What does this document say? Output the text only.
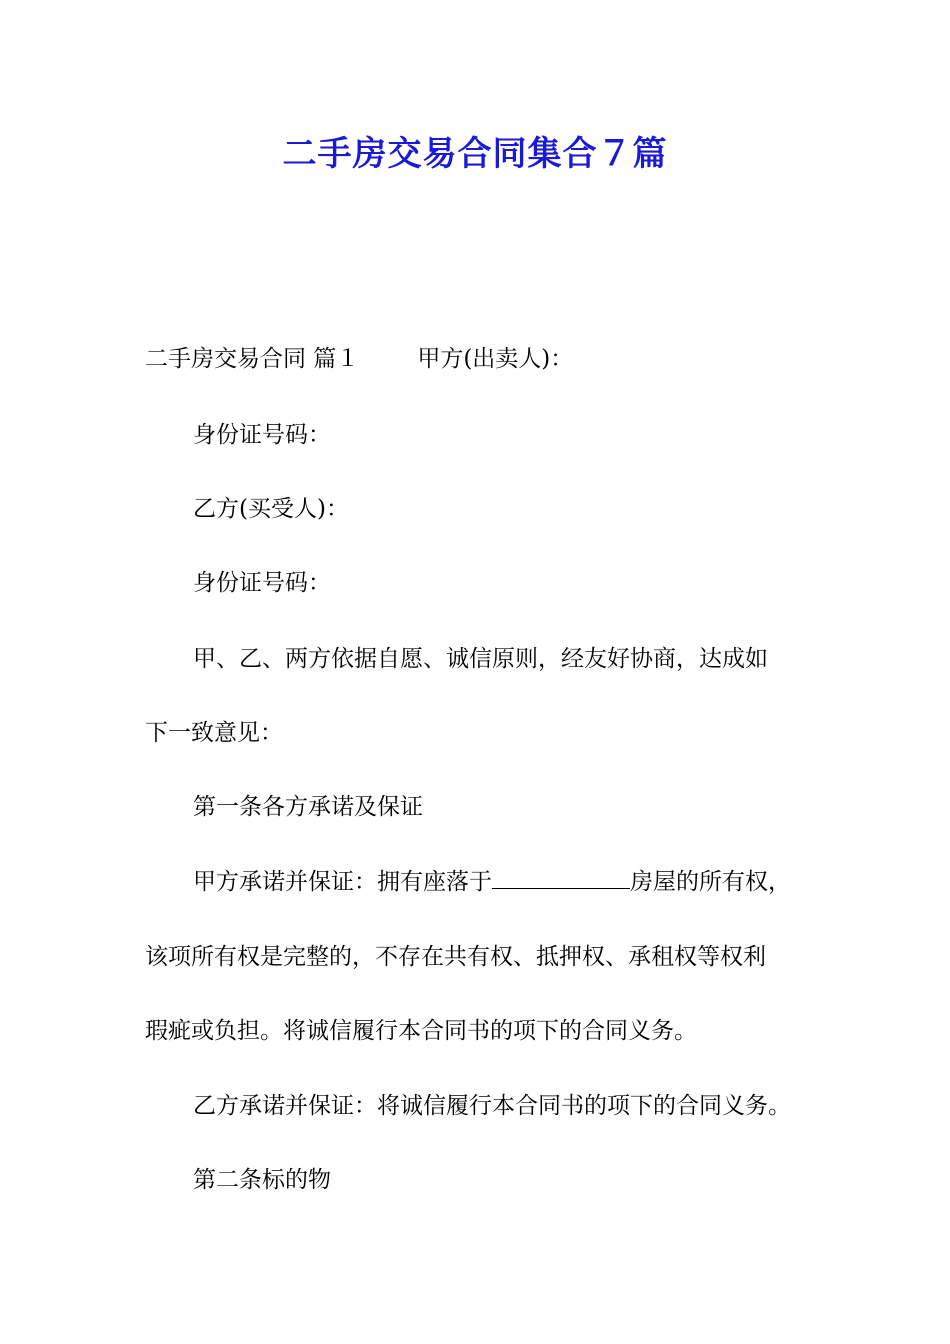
二手房交易合同集合７篇

二手房交易合同 篇１	甲方(出卖人)：

身份证号码：

乙方(买受人)：

身份证号码：

甲、乙、两方依据自愿、诚信原则，经友好协商，达成如

下一致意见：

第一条各方承诺及保证

甲方承诺并保证：拥有座落于	房屋的所有权，

该项所有权是完整的，不存在共有权、抵押权、承租权等权利

瑕疵或负担。将诚信履行本合同书的项下的合同义务。

乙方承诺并保证：将诚信履行本合同书的项下的合同义务。

第二条标的物
